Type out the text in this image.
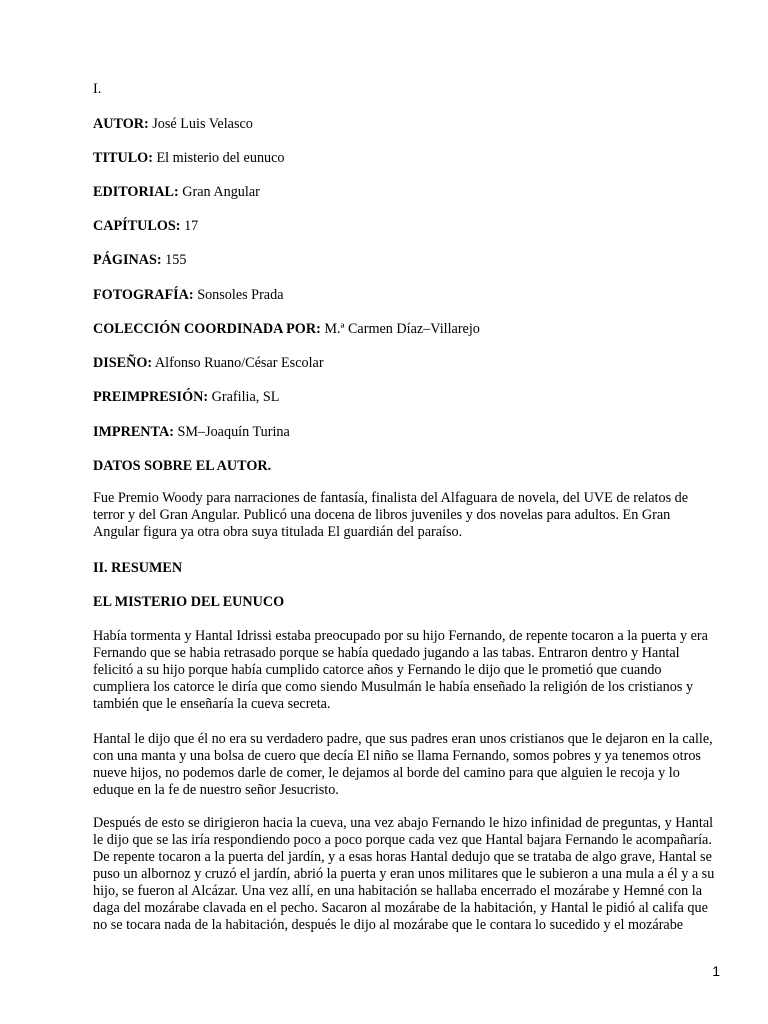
I.
AUTOR: José Luis Velasco
TITULO: El misterio del eunuco
EDITORIAL: Gran Angular
CAPÍTULOS: 17
PÁGINAS: 155
FOTOGRAFÍA: Sonsoles Prada
COLECCIÓN COORDINADA POR: M.ª Carmen Díaz–Villarejo
DISEÑO: Alfonso Ruano/César Escolar
PREIMPRESIÓN: Grafilia, SL
IMPRENTA: SM–Joaquín Turina
DATOS SOBRE EL AUTOR.
Fue Premio Woody para narraciones de fantasía, finalista del Alfaguara de novela, del UVE de relatos de
terror y del Gran Angular. Publicó una docena de libros juveniles y dos novelas para adultos. En Gran
Angular figura ya otra obra suya titulada El guardián del paraíso.
II. RESUMEN
EL MISTERIO DEL EUNUCO
Había tormenta y Hantal Idrissi estaba preocupado por su hijo Fernando, de repente tocaron a la puerta y era
Fernando que se habia retrasado porque se había quedado jugando a las tabas. Entraron dentro y Hantal
felicitó a su hijo porque había cumplido catorce años y Fernando le dijo que le prometió que cuando
cumpliera los catorce le diría que como siendo Musulmán le había enseñado la religión de los cristianos y
también que le enseñaría la cueva secreta.
Hantal le dijo que él no era su verdadero padre, que sus padres eran unos cristianos que le dejaron en la calle,
con una manta y una bolsa de cuero que decía El niño se llama Fernando, somos pobres y ya tenemos otros
nueve hijos, no podemos darle de comer, le dejamos al borde del camino para que alguien le recoja y lo
eduque en la fe de nuestro señor Jesucristo.
Después de esto se dirigieron hacia la cueva, una vez abajo Fernando le hizo infinidad de preguntas, y Hantal
le dijo que se las iría respondiendo poco a poco porque cada vez que Hantal bajara Fernando le acompañaría.
De repente tocaron a la puerta del jardín, y a esas horas Hantal dedujo que se trataba de algo grave, Hantal se
puso un albornoz y cruzó el jardín, abrió la puerta y eran unos militares que le subieron a una mula a él y a su
hijo, se fueron al Alcázar. Una vez allí, en una habitación se hallaba encerrado el mozárabe y Hemné con la
daga del mozárabe clavada en el pecho. Sacaron al mozárabe de la habitación, y Hantal le pidió al califa que
no se tocara nada de la habitación, después le dijo al mozárabe que le contara lo sucedido y el mozárabe
1
